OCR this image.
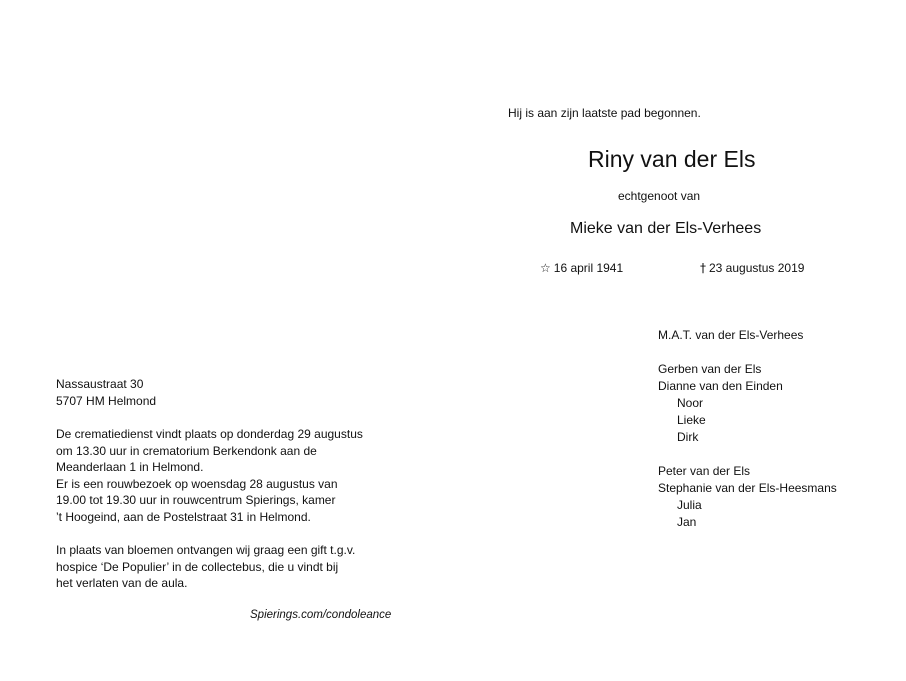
Hij is aan zijn laatste pad begonnen.
Riny van der Els
echtgenoot van
Mieke van der Els-Verhees
☆ 16 april 1941	† 23 augustus 2019
M.A.T. van der Els-Verhees
Gerben van der Els
Dianne van den Einden
Noor
Lieke
Dirk
Peter van der Els
Stephanie van der Els-Heesmans
Julia
Jan
Nassaustraat 30
5707 HM Helmond
De crematiedienst vindt plaats op donderdag 29 augustus
om 13.30 uur in crematorium Berkendonk aan de
Meanderlaan 1 in Helmond.
Er is een rouwbezoek op woensdag 28 augustus van
19.00 tot 19.30 uur in rouwcentrum Spierings, kamer
’t Hoogeind, aan de Postelstraat 31 in Helmond.
In plaats van bloemen ontvangen wij graag een gift t.g.v.
hospice ‘De Populier’ in de collectebus, die u vindt bij
het verlaten van de aula.
Spierings.com/condoleance
